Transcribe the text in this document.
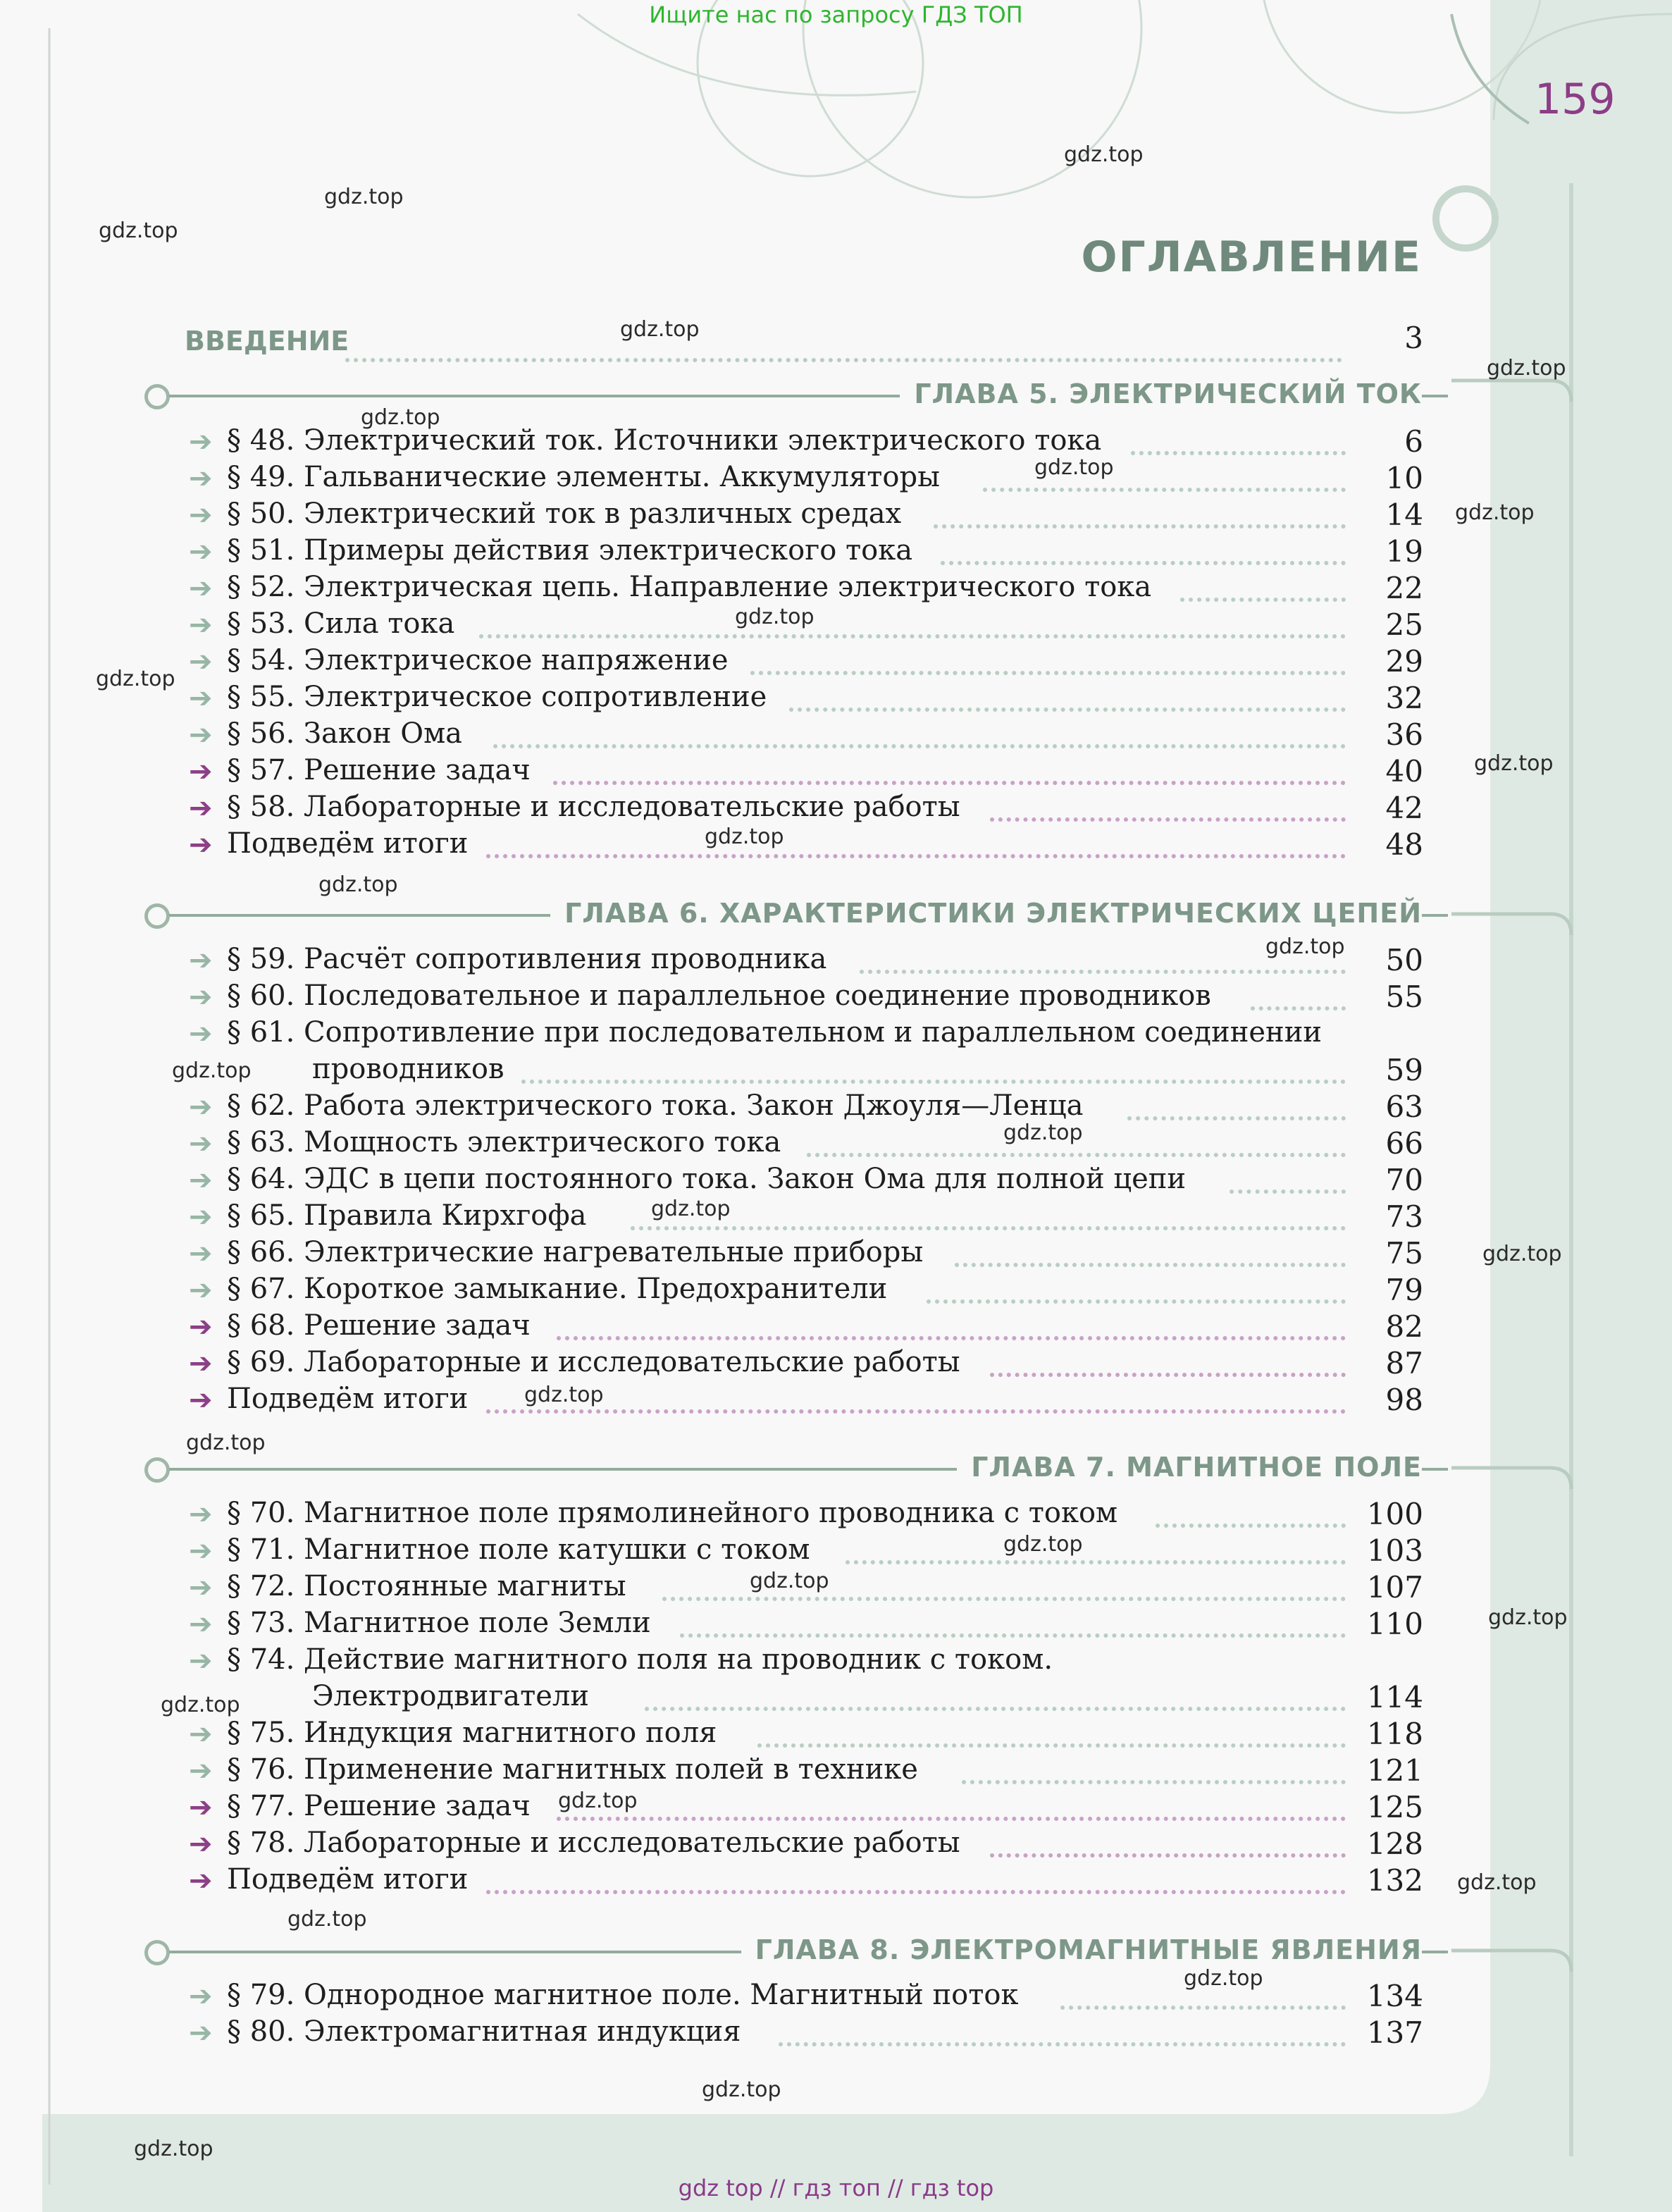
Ищите нас по запросу ГДЗ ТОП
159
ОГЛАВЛЕНИЕ
ВВЕДЕНИЕ	3
ГЛАВА 5. ЭЛЕКТРИЧЕСКИЙ ТОК
➔ § 48. Электрический ток. Источники электрического тока	6
➔ § 49. Гальванические элементы. Аккумуляторы	10
➔ § 50. Электрический ток в различных средах	14
➔ § 51. Примеры действия электрического тока	19
➔ § 52. Электрическая цепь. Направление электрического тока	22
➔ § 53. Сила тока	25
➔ § 54. Электрическое напряжение	29
➔ § 55. Электрическое сопротивление	32
➔ § 56. Закон Ома	36
➔ § 57. Решение задач	40
➔ § 58. Лабораторные и исследовательские работы	42
➔ Подведём итоги	48
ГЛАВА 6. ХАРАКТЕРИСТИКИ ЭЛЕКТРИЧЕСКИХ ЦЕПЕЙ
➔ § 59. Расчёт сопротивления проводника	50
➔ § 60. Последовательное и параллельное соединение проводников	55
➔ § 61. Сопротивление при последовательном и параллельном соединении
проводников	59
➔ § 62. Работа электрического тока. Закон Джоуля—Ленца	63
➔ § 63. Мощность электрического тока	66
➔ § 64. ЭДС в цепи постоянного тока. Закон Ома для полной цепи	70
➔ § 65. Правила Кирхгофа	73
➔ § 66. Электрические нагревательные приборы	75
➔ § 67. Короткое замыкание. Предохранители	79
➔ § 68. Решение задач	82
➔ § 69. Лабораторные и исследовательские работы	87
➔ Подведём итоги	98
ГЛАВА 7. МАГНИТНОЕ ПОЛЕ
➔ § 70. Магнитное поле прямолинейного проводника с током	100
➔ § 71. Магнитное поле катушки с током	103
➔ § 72. Постоянные магниты	107
➔ § 73. Магнитное поле Земли	110
➔ § 74. Действие магнитного поля на проводник с током.
Электродвигатели	114
➔ § 75. Индукция магнитного поля	118
➔ § 76. Применение магнитных полей в технике	121
➔ § 77. Решение задач	125
➔ § 78. Лабораторные и исследовательские работы	128
➔ Подведём итоги	132
ГЛАВА 8. ЭЛЕКТРОМАГНИТНЫЕ ЯВЛЕНИЯ
➔ § 79. Однородное магнитное поле. Магнитный поток	134
➔ § 80. Электромагнитная индукция	137
gdz.top
gdz.top
gdz.top
gdz.top
gdz.top
gdz.top
gdz.top
gdz.top
gdz.top
gdz.top
gdz.top
gdz.top
gdz.top
gdz.top
gdz.top
gdz.top
gdz.top
gdz.top
gdz.top
gdz.top
gdz.top
gdz.top
gdz.top
gdz.top
gdz.top
gdz.top
gdz.top
gdz.top
gdz.top
gdz.top
gdz top // гдз топ // гдз top
